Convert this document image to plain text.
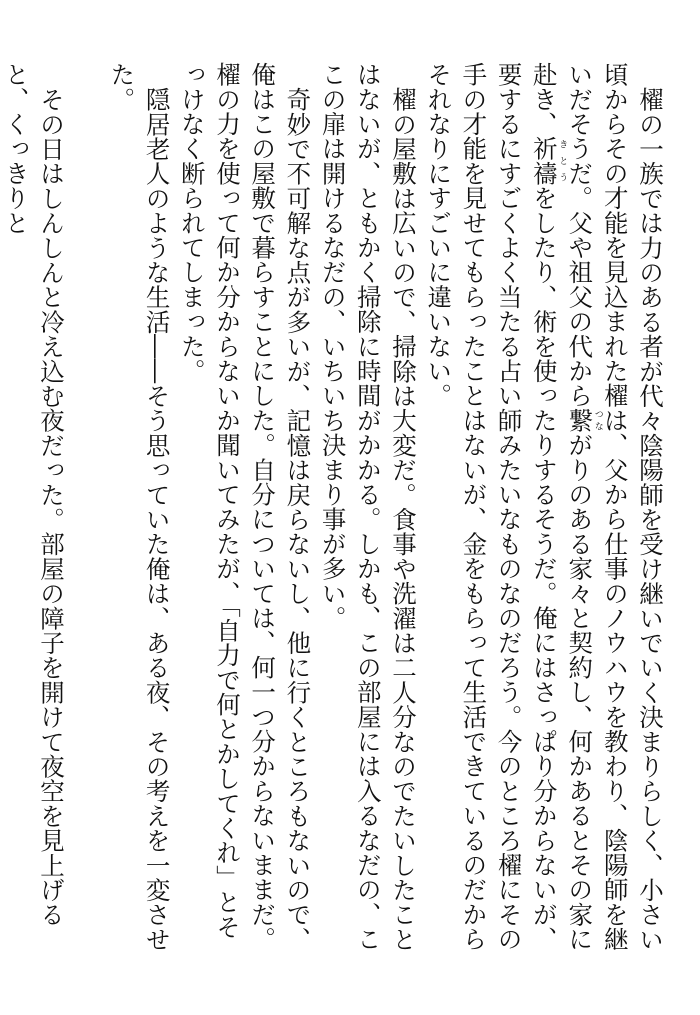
櫂の一族では力のある者が代々陰陽師を受け継いでいく決まりらしく、小さい頃からその才能を見込まれた櫂は、父から仕事のノウハウを教わり、陰陽師を継いだそうだ。父や祖父の代から繋つながりのある家々と契約し、何かあるとその家に赴き、祈禱きとうをしたり、術を使ったりするそうだ。俺にはさっぱり分からないが、要するにすごくよく当たる占い師みたいなものなのだろう。今のところ櫂にその手の才能を見せてもらったことはないが、金をもらって生活できているのだからそれなりにすごいに違いない。

櫂の屋敷は広いので、掃除は大変だ。食事や洗濯は二人分なのでたいしたことはないが、ともかく掃除に時間がかかる。しかも、この部屋には入るなだの、ここの扉は開けるなだの、いちいち決まり事が多い。

奇妙で不可解な点が多いが、記憶は戻らないし、他に行くところもないので、俺はこの屋敷で暮らすことにした。自分については、何一つ分からないままだ。櫂の力を使って何か分からないか聞いてみたが、「自力で何とかしてくれ」とそっけなく断られてしまった。

隠居老人のような生活――そう思っていた俺は、ある夜、その考えを一変させた。

その日はしんしんと冷え込む夜だった。部屋の障子を開けて夜空を見上げると、くっきりと
